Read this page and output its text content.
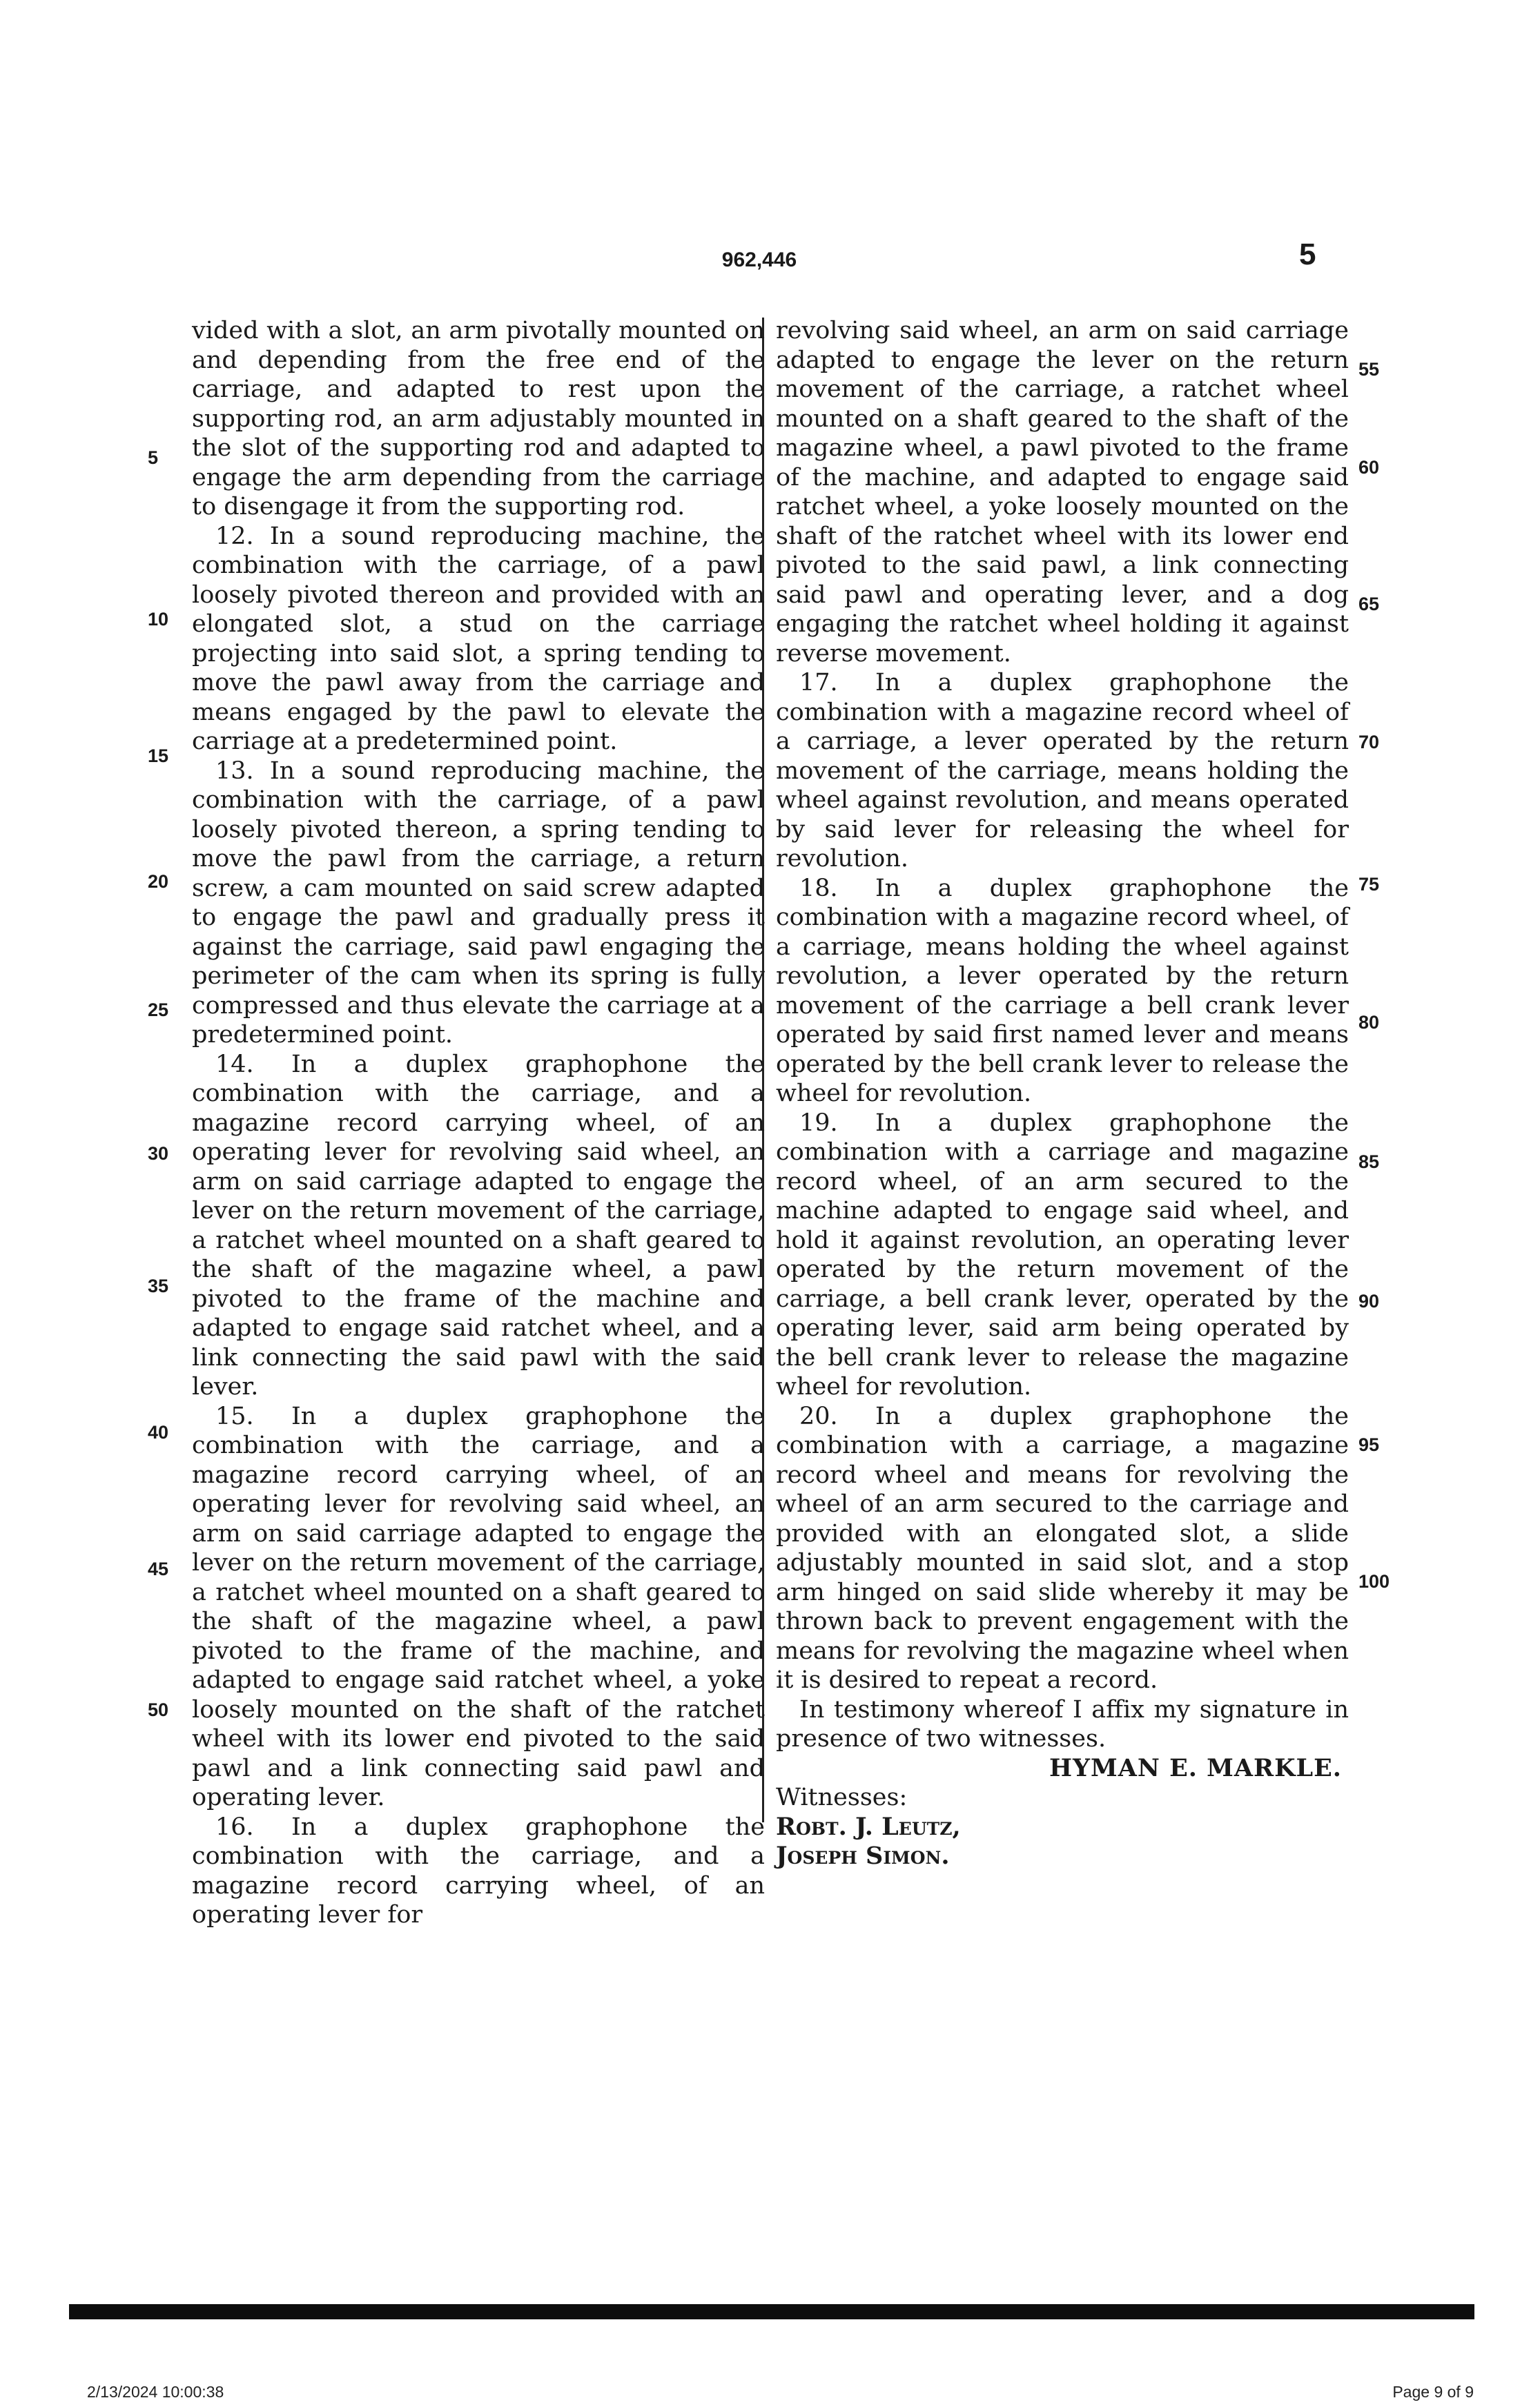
962,446	5
5
10
15
20
25
30
35
40
45
50
55
60
65
70
75
80
85
90
95
100

vided with a slot, an arm pivotally mounted on and depending from the free end of the carriage, and adapted to rest upon the supporting rod, an arm adjustably mounted in the slot of the supporting rod and adapted to engage the arm depending from the carriage to disengage it from the supporting rod.

12. In a sound reproducing machine, the combination with the carriage, of a pawl loosely pivoted thereon and provided with an elongated slot, a stud on the carriage projecting into said slot, a spring tending to move the pawl away from the carriage and means engaged by the pawl to elevate the carriage at a predetermined point.

13. In a sound reproducing machine, the combination with the carriage, of a pawl loosely pivoted thereon, a spring tending to move the pawl from the carriage, a return screw, a cam mounted on said screw adapted to engage the pawl and gradually press it against the carriage, said pawl engaging the perimeter of the cam when its spring is fully compressed and thus elevate the carriage at a predetermined point.

14. In a duplex graphophone the combination with the carriage, and a magazine record carrying wheel, of an operating lever for revolving said wheel, an arm on said carriage adapted to engage the lever on the return movement of the carriage, a ratchet wheel mounted on a shaft geared to the shaft of the magazine wheel, a pawl pivoted to the frame of the machine and adapted to engage said ratchet wheel, and a link connecting the said pawl with the said lever.

15. In a duplex graphophone the combination with the carriage, and a magazine record carrying wheel, of an operating lever for revolving said wheel, an arm on said carriage adapted to engage the lever on the return movement of the carriage, a ratchet wheel mounted on a shaft geared to the shaft of the magazine wheel, a pawl pivoted to the frame of the machine, and adapted to engage said ratchet wheel, a yoke loosely mounted on the shaft of the ratchet wheel with its lower end pivoted to the said pawl and a link connecting said pawl and operating lever.

16. In a duplex graphophone the combination with the carriage, and a magazine record carrying wheel, of an operating lever for

revolving said wheel, an arm on said carriage adapted to engage the lever on the return movement of the carriage, a ratchet wheel mounted on a shaft geared to the shaft of the magazine wheel, a pawl pivoted to the frame of the machine, and adapted to engage said ratchet wheel, a yoke loosely mounted on the shaft of the ratchet wheel with its lower end pivoted to the said pawl, a link connecting said pawl and operating lever, and a dog engaging the ratchet wheel holding it against reverse movement.

17. In a duplex graphophone the combination with a magazine record wheel of a carriage, a lever operated by the return movement of the carriage, means holding the wheel against revolution, and means operated by said lever for releasing the wheel for revolution.

18. In a duplex graphophone the combination with a magazine record wheel, of a carriage, means holding the wheel against revolution, a lever operated by the return movement of the carriage a bell crank lever operated by said first named lever and means operated by the bell crank lever to release the wheel for revolution.

19. In a duplex graphophone the combination with a carriage and magazine record wheel, of an arm secured to the machine adapted to engage said wheel, and hold it against revolution, an operating lever operated by the return movement of the carriage, a bell crank lever, operated by the operating lever, said arm being operated by the bell crank lever to release the magazine wheel for revolution.

20. In a duplex graphophone the combination with a carriage, a magazine record wheel and means for revolving the wheel of an arm secured to the carriage and provided with an elongated slot, a slide adjustably mounted in said slot, and a stop arm hinged on said slide whereby it may be thrown back to prevent engagement with the means for revolving the magazine wheel when it is desired to repeat a record.

In testimony whereof I affix my signature in presence of two witnesses.

HYMAN E. MARKLE.

Witnesses:

Robt. J. Leutz,

Joseph Simon.

2/13/2024 10:00:38	Page 9 of 9
